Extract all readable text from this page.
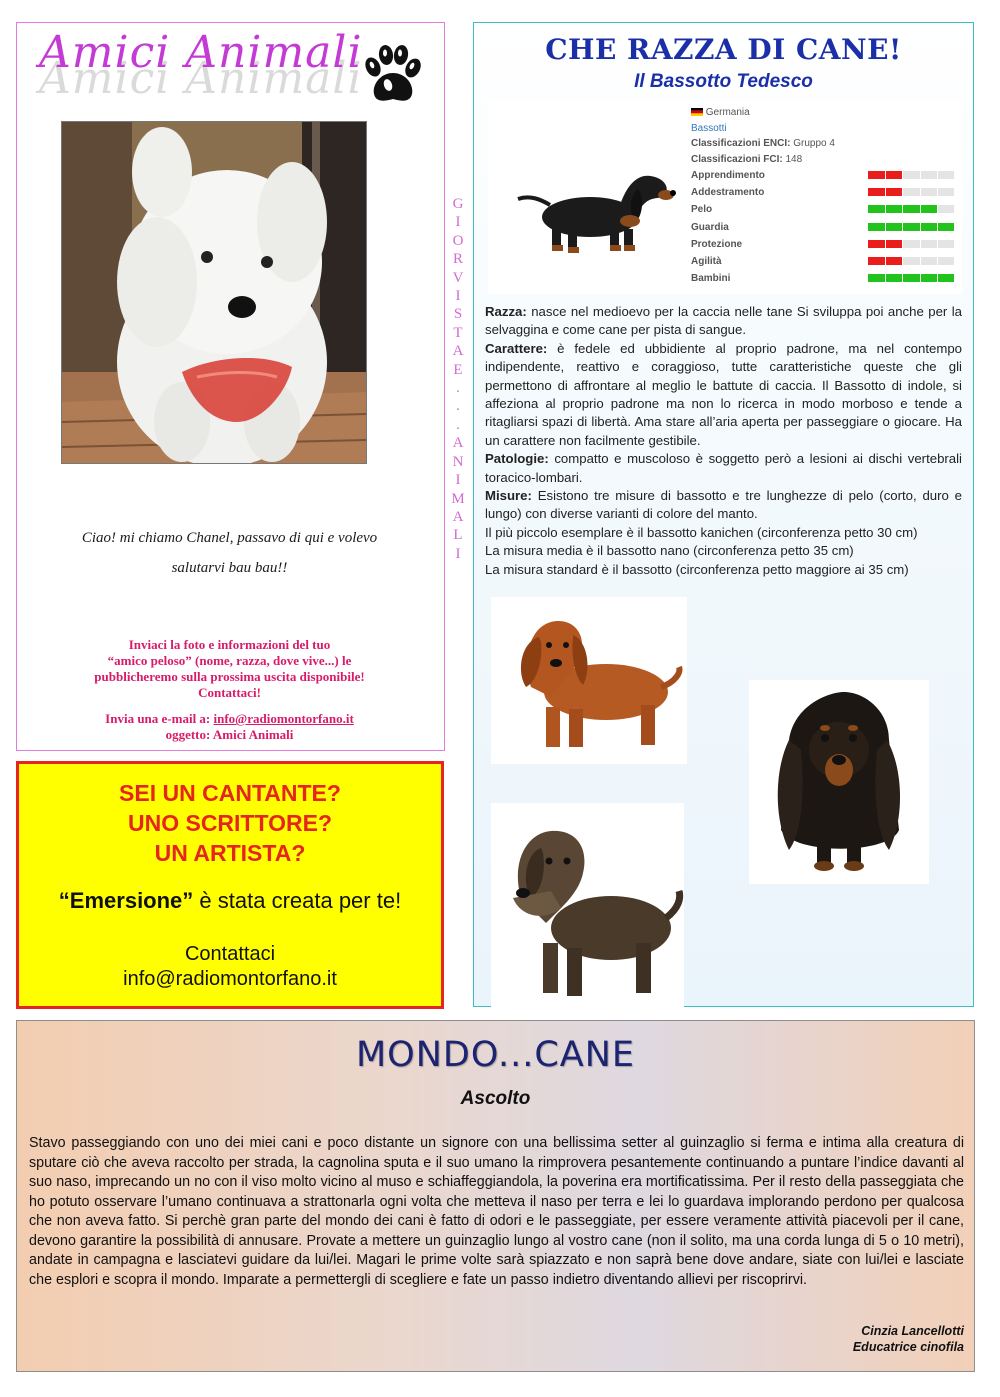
Amici Animali
Ciao! mi chiamo Chanel, passavo di qui e volevo
salutarvi bau bau!!
Inviaci la foto e informazioni del tuo
“amico peloso” (nome, razza, dove vive...) le
pubblicheremo sulla prossima uscita disponibile!
Contattaci!
Invia una e-mail a: info@radiomontorfano.it
oggetto: Amici Animali
G
I
O
R
V
I
S
T
A
E
.
.
.
A
N
I
M
A
L
I
SEI UN CANTANTE?
UNO SCRITTORE?
UN ARTISTA?
“Emersione” è stata creata per te!
Contattaci
info@radiomontorfano.it
CHE RAZZA DI CANE!
Il Bassotto Tedesco
Germania
Bassotti
Classificazioni ENCI: Gruppo 4
Classificazioni FCI: 148
Apprendimento
Addestramento
Pelo
Guardia
Protezione
Agilità
Bambini

Razza: nasce nel medioevo per la caccia nelle tane Si sviluppa poi anche per la selvaggina e come cane per pista di sangue.

Carattere: è fedele ed ubbidiente al proprio padrone, ma nel contempo indipendente, reattivo e coraggioso, tutte caratteristiche queste che gli permettono di affrontare al meglio le battute di caccia. Il Bassotto di indole, si affeziona al proprio padrone ma non lo ricerca in modo morboso e tende a ritagliarsi spazi di libertà. Ama stare all’aria aperta per passeggiare o giocare. Ha un carattere non facilmente gestibile.

Patologie: compatto e muscoloso è soggetto però a lesioni ai dischi vertebrali toracico-lombari.

Misure: Esistono tre misure di bassotto e tre lunghezze di pelo (corto, duro e lungo) con diverse varianti di colore del manto.

Il più piccolo esemplare è il bassotto kanichen (circonferenza petto 30 cm)

La misura media è il bassotto nano (circonferenza petto 35 cm)

La misura standard è il bassotto (circonferenza petto maggiore ai 35 cm)

MONDO...CANE
Ascolto
Stavo passeggiando con uno dei miei cani e poco distante un signore con una bellissima setter al guinzaglio si ferma e intima alla creatura di sputare ciò che aveva raccolto per strada, la cagnolina sputa e il suo umano la rimprovera pesantemente continuando a puntare l’indice davanti al suo naso, imprecando un no con il viso molto vicino al muso e schiaffeggiandola, la poverina era mortificatissima. Per il resto della passeggiata che ho potuto osservare l’umano continuava a strattonarla ogni volta che metteva il naso per terra e lei lo guardava implorando perdono per qualcosa che non aveva fatto. Si perchè gran parte del mondo dei cani è fatto di odori e le passeggiate, per essere veramente attività piacevoli per il cane, devono garantire la possibilità di annusare. Provate a mettere un guinzaglio lungo al vostro cane (non il solito, ma una corda lunga di 5 o 10 metri), andate in campagna e lasciatevi guidare da lui/lei. Magari le prime volte sarà spiazzato e non saprà bene dove andare, siate con lui/lei e lasciate che esplori e scopra il mondo. Imparate a permettergli di scegliere e fate un passo indietro diventando allievi per riscoprirvi.
Cinzia Lancellotti
Educatrice cinofila
